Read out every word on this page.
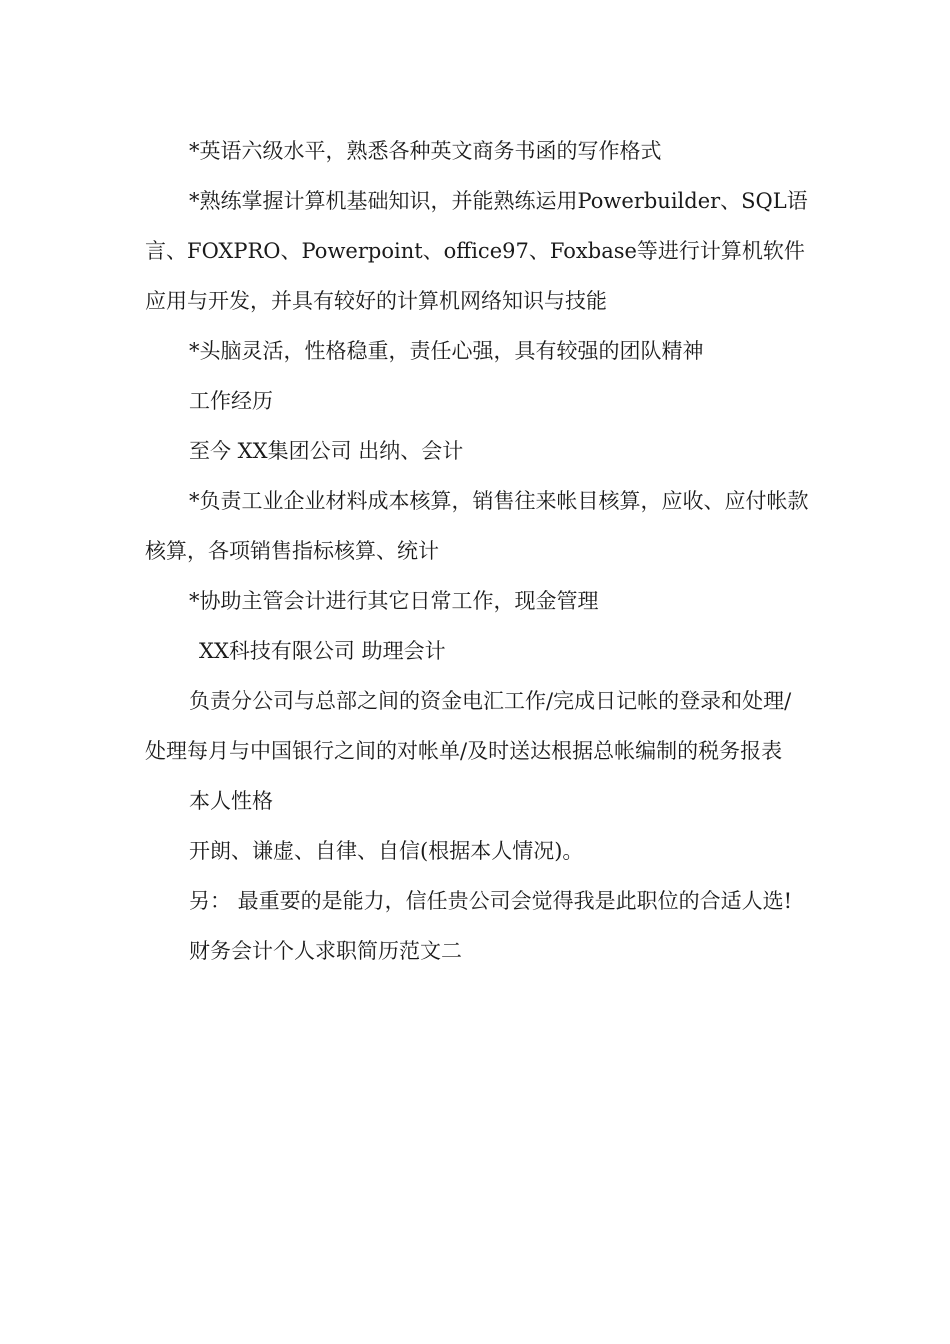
*英语六级水平，熟悉各种英文商务书函的写作格式

*熟练掌握计算机基础知识，并能熟练运用Powerbuilder、SQL语言、FOXPRO、Powerpoint、office97、Foxbase等进行计算机软件应用与开发，并具有较好的计算机网络知识与技能

*头脑灵活，性格稳重，责任心强，具有较强的团队精神

工作经历

至今 XX集团公司 出纳、会计

*负责工业企业材料成本核算，销售往来帐目核算，应收、应付帐款核算，各项销售指标核算、统计

*协助主管会计进行其它日常工作，现金管理

XX科技有限公司 助理会计

负责分公司与总部之间的资金电汇工作/完成日记帐的登录和处理/处理每月与中国银行之间的对帐单/及时送达根据总帐编制的税务报表

本人性格

开朗、谦虚、自律、自信(根据本人情况)。

另： 最重要的是能力，信任贵公司会觉得我是此职位的合适人选!

财务会计个人求职简历范文二
